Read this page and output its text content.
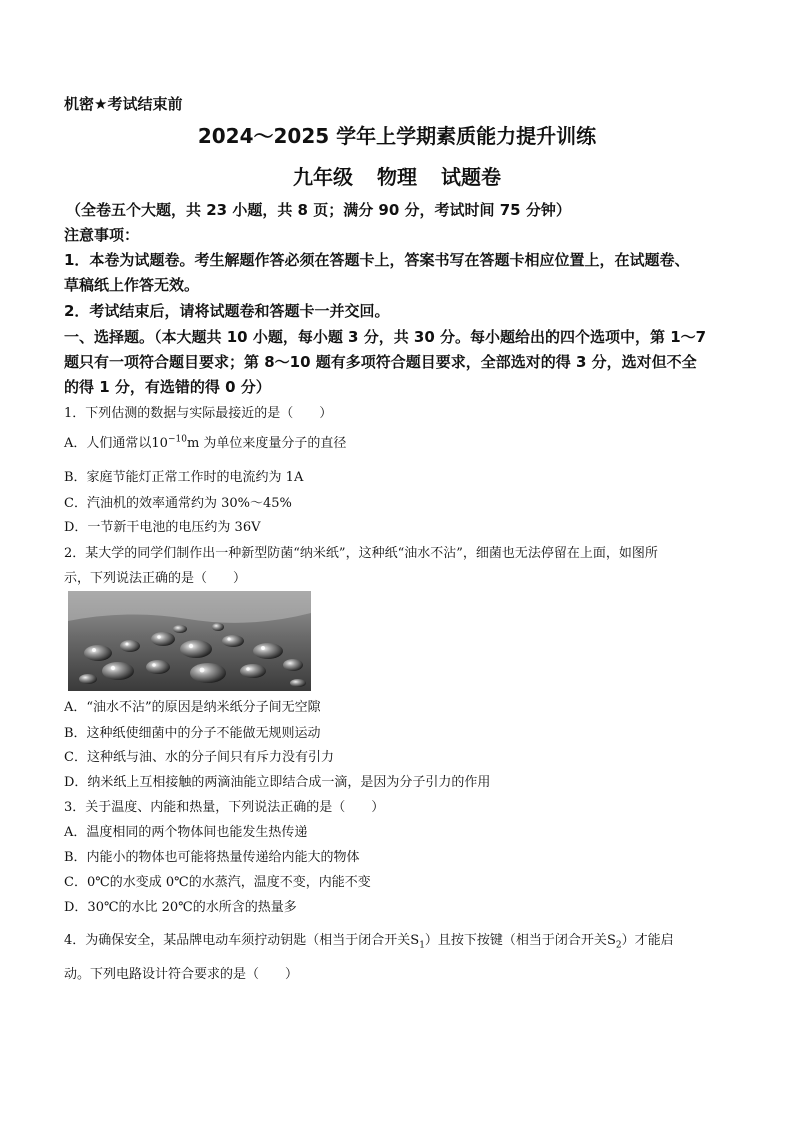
机密★考试结束前
2024～2025 学年上学期素质能力提升训练
九年级 物理 试题卷
（全卷五个大题，共 23 小题，共 8 页；满分 90 分，考试时间 75 分钟）
注意事项：
1．本卷为试题卷。考生解题作答必须在答题卡上，答案书写在答题卡相应位置上，在试题卷、
草稿纸上作答无效。
2．考试结束后，请将试题卷和答题卡一并交回。
一、选择题。（本大题共 10 小题，每小题 3 分，共 30 分。每小题给出的四个选项中，第 1～7
题只有一项符合题目要求；第 8～10 题有多项符合题目要求，全部选对的得 3 分，选对但不全
的得 1 分，有选错的得 0 分）
1．下列估测的数据与实际最接近的是（　　）
A．人们通常以$10^{-10}m$ 为单位来度量分子的直径
B．家庭节能灯正常工作时的电流约为 1A
C．汽油机的效率通常约为 30%～45%
D．一节新干电池的电压约为 36V
2．某大学的同学们制作出一种新型防菌“纳米纸”，这种纸“油水不沾”，细菌也无法停留在上面，如图所
示，下列说法正确的是（　　）
A．“油水不沾”的原因是纳米纸分子间无空隙
B．这种纸使细菌中的分子不能做无规则运动
C．这种纸与油、水的分子间只有斥力没有引力
D．纳米纸上互相接触的两滴油能立即结合成一滴，是因为分子引力的作用
3．关于温度、内能和热量，下列说法正确的是（　　）
A．温度相同的两个物体间也能发生热传递
B．内能小的物体也可能将热量传递给内能大的物体
C．0℃的水变成 0℃的水蒸汽，温度不变，内能不变
D．30℃的水比 20℃的水所含的热量多
4．为确保安全，某品牌电动车须拧动钥匙（相当于闭合开关$S_1$）且按下按键（相当于闭合开关$S_2$）才能启
动。下列电路设计符合要求的是（　　）
